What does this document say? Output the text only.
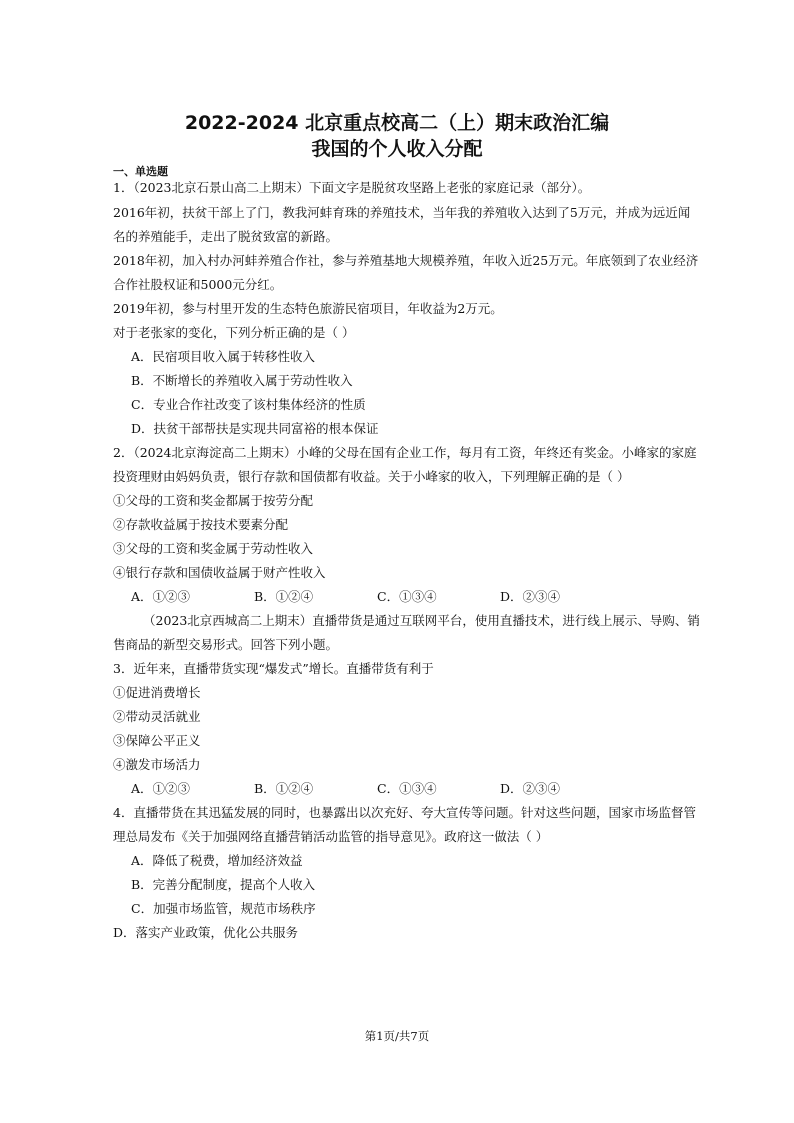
2022-2024 北京重点校高二（上）期末政治汇编
我国的个人收入分配
一、单选题
1．（2023北京石景山高二上期末）下面文字是脱贫攻坚路上老张的家庭记录（部分）。
2016年初，扶贫干部上了门，教我河蚌育珠的养殖技术，当年我的养殖收入达到了5万元，并成为远近闻
名的养殖能手，走出了脱贫致富的新路。
2018年初，加入村办河蚌养殖合作社，参与养殖基地大规模养殖，年收入近25万元。年底领到了农业经济
合作社股权证和5000元分红。
2019年初，参与村里开发的生态特色旅游民宿项目，年收益为2万元。
对于老张家的变化，下列分析正确的是（ ）
A．民宿项目收入属于转移性收入
B．不断增长的养殖收入属于劳动性收入
C．专业合作社改变了该村集体经济的性质
D．扶贫干部帮扶是实现共同富裕的根本保证
2．（2024北京海淀高二上期末）小峰的父母在国有企业工作，每月有工资，年终还有奖金。小峰家的家庭
投资理财由妈妈负责，银行存款和国债都有收益。关于小峰家的收入，下列理解正确的是（ ）
①父母的工资和奖金都属于按劳分配
②存款收益属于按技术要素分配
③父母的工资和奖金属于劳动性收入
④银行存款和国债收益属于财产性收入
A．①②③	B．①②④	C．①③④	D．②③④
（2023北京西城高二上期末）直播带货是通过互联网平台，使用直播技术，进行线上展示、导购、销
售商品的新型交易形式。回答下列小题。
3．近年来，直播带货实现“爆发式”增长。直播带货有利于
①促进消费增长
②带动灵活就业
③保障公平正义
④激发市场活力
A．①②③	B．①②④	C．①③④	D．②③④
4．直播带货在其迅猛发展的同时，也暴露出以次充好、夸大宣传等问题。针对这些问题，国家市场监督管
理总局发布《关于加强网络直播营销活动监管的指导意见》。政府这一做法（ ）
A．降低了税费，增加经济效益
B．完善分配制度，提高个人收入
C．加强市场监管，规范市场秩序
D．落实产业政策，优化公共服务
第1页/共7页
